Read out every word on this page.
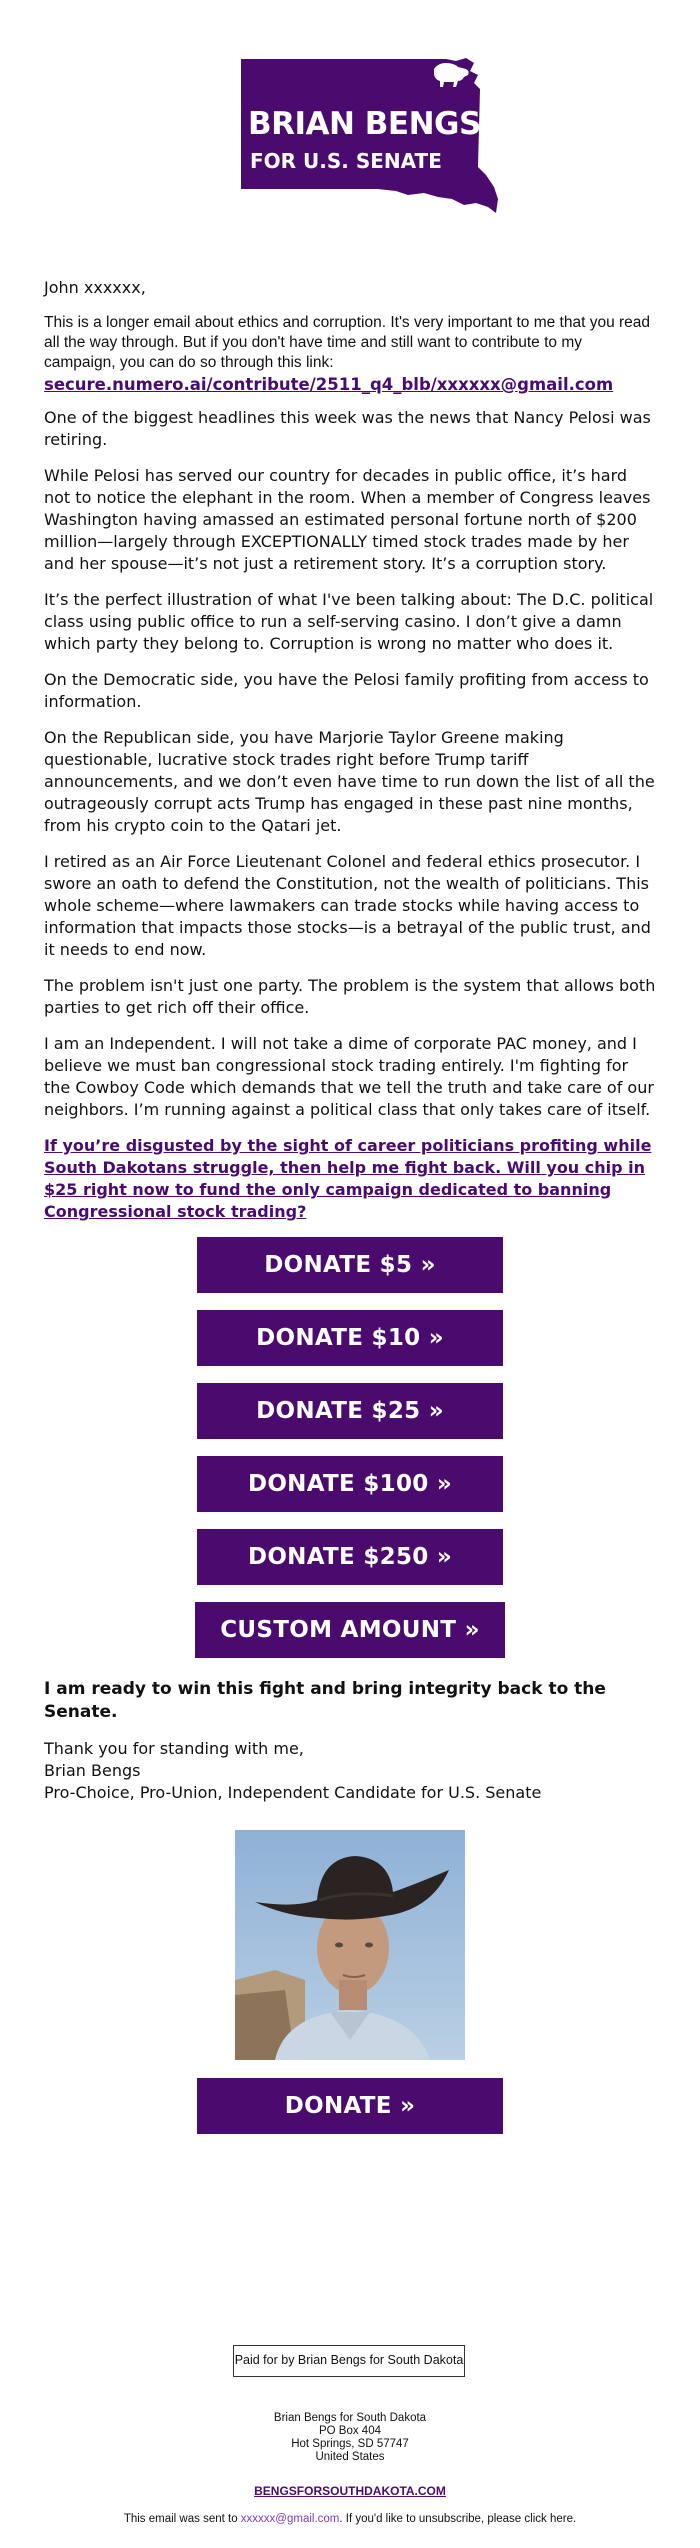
BRIAN BENGS
FOR U.S. SENATE

John xxxxxx,

This is a longer email about ethics and corruption. It's very important to me that you read all the way through. But if you don't have time and still want to contribute to my campaign, you can do so through this link:
secure.numero.ai/contribute/2511_q4_blb/xxxxxx@gmail.com

One of the biggest headlines this week was the news that Nancy Pelosi was retiring.

While Pelosi has served our country for decades in public office, it’s hard not to notice the elephant in the room. When a member of Congress leaves Washington having amassed an estimated personal fortune north of $200 million—largely through EXCEPTIONALLY timed stock trades made by her and her spouse—it’s not just a retirement story. It’s a corruption story.

It’s the perfect illustration of what I've been talking about: The D.C. political class using public office to run a self-serving casino. I don’t give a damn which party they belong to. Corruption is wrong no matter who does it.

On the Democratic side, you have the Pelosi family profiting from access to information.

On the Republican side, you have Marjorie Taylor Greene making questionable, lucrative stock trades right before Trump tariff announcements, and we don’t even have time to run down the list of all the outrageously corrupt acts Trump has engaged in these past nine months, from his crypto coin to the Qatari jet.

I retired as an Air Force Lieutenant Colonel and federal ethics prosecutor. I swore an oath to defend the Constitution, not the wealth of politicians. This whole scheme—where lawmakers can trade stocks while having access to information that impacts those stocks—is a betrayal of the public trust, and it needs to end now.

The problem isn't just one party. The problem is the system that allows both parties to get rich off their office.

I am an Independent. I will not take a dime of corporate PAC money, and I believe we must ban congressional stock trading entirely. I'm fighting for the Cowboy Code which demands that we tell the truth and take care of our neighbors. I’m running against a political class that only takes care of itself.

If you’re disgusted by the sight of career politicians profiting while South Dakotans struggle, then help me fight back. Will you chip in $25 right now to fund the only campaign dedicated to banning Congressional stock trading?
DONATE $5 »
DONATE $10 »
DONATE $25 »
DONATE $100 »
DONATE $250 »
CUSTOM AMOUNT »

I am ready to win this fight and bring integrity back to the Senate.

Thank you for standing with me,

Brian Bengs

Pro-Choice, Pro-Union, Independent Candidate for U.S. Senate

DONATE »
Paid for by Brian Bengs for South Dakota
Brian Bengs for South Dakota
PO Box 404
Hot Springs, SD 57747
United States
BENGSFORSOUTHDAKOTA.COM
This email was sent to xxxxxx@gmail.com. If you'd like to unsubscribe, please click here.
